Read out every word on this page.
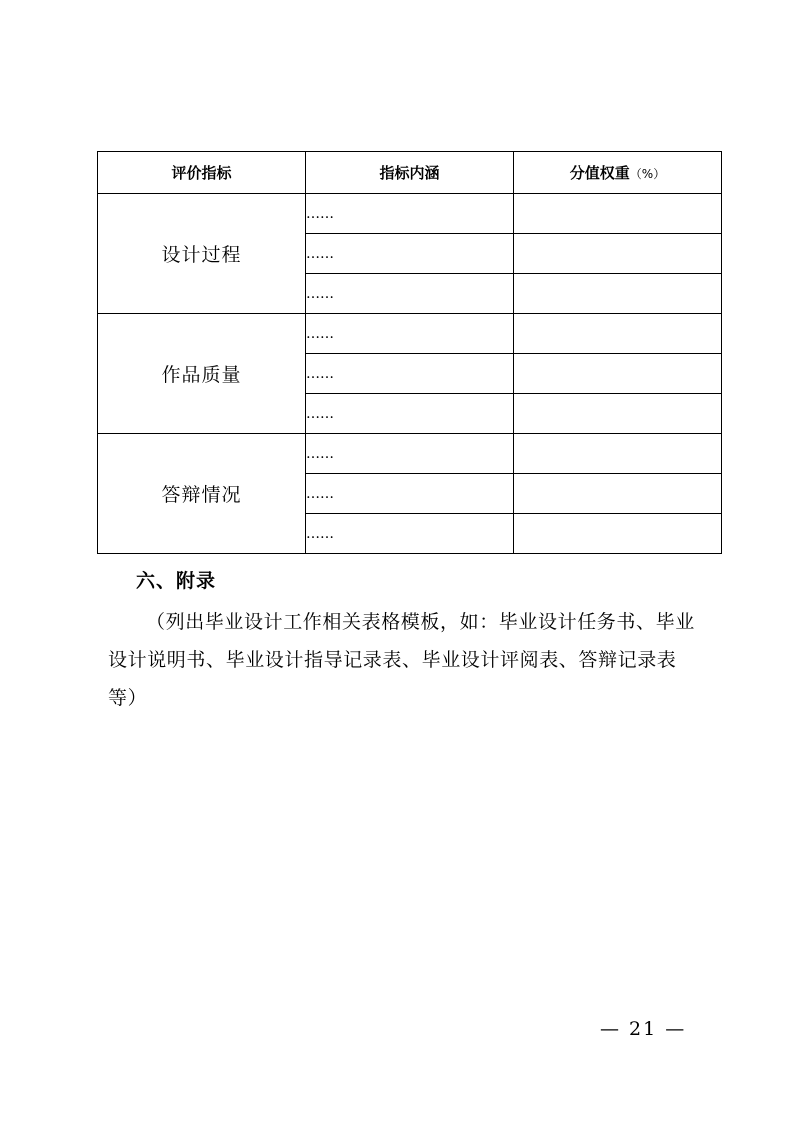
评价指标	指标内涵	分值权重（%）
设计过程	……	
	……	
	……	
作品质量	……	
	……	
	……	
答辩情况	……	
	……	
	……	
六、附录
（列出毕业设计工作相关表格模板，如：毕业设计任务书、毕业设计说明书、毕业设计指导记录表、毕业设计评阅表、答辩记录表等）
— 21 —
